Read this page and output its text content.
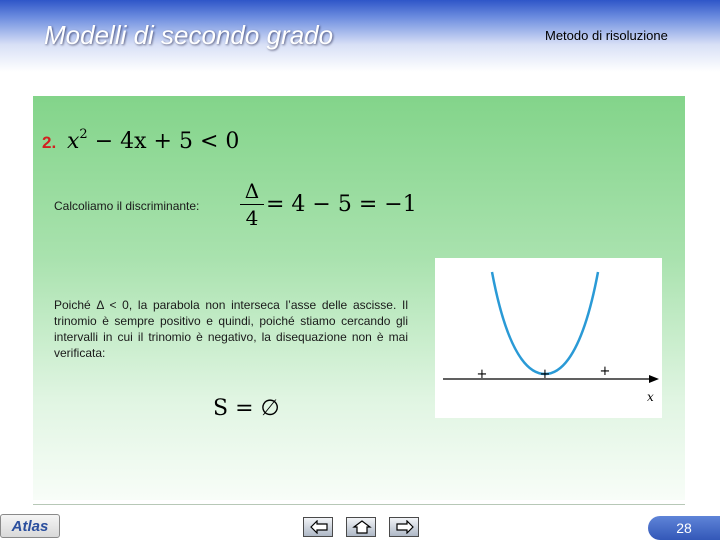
Modelli di secondo grado	Metodo di risoluzione
2. $x^2 - 4x + 5 < 0$
Calcoliamo il discriminante:
Δ
4
= 4 − 5 = −1
Poiché Δ < 0, la parabola non interseca l’asse delle ascisse. Il trinomio è sempre positivo e quindi, poiché stiamo cercando gli intervalli in cui il trinomio è negativo, la disequazione non è mai verificata:
S = ∅
+	+	+
x
Atlas	28
